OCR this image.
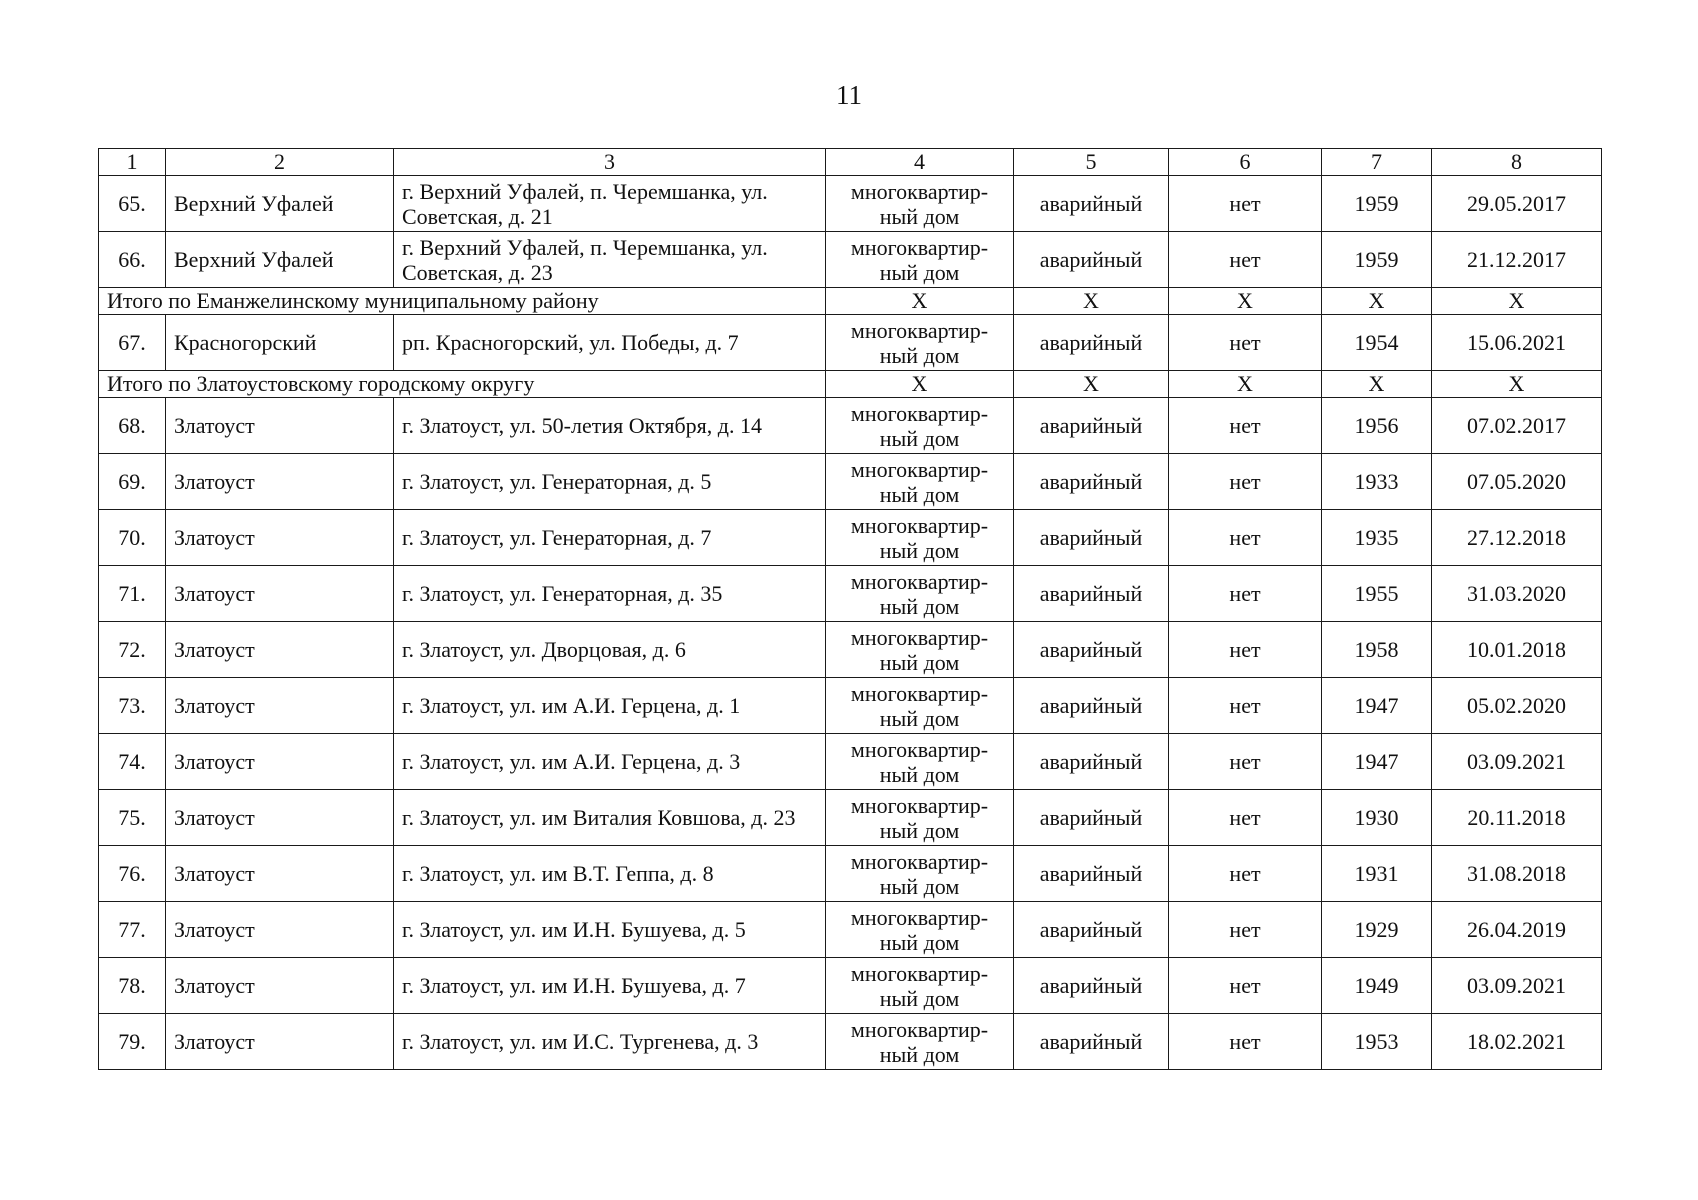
11
1	2	3	4	5	6	7	8
65.	Верхний Уфалей	г. Верхний Уфалей, п. Черемшанка, ул. Советская, д. 21	многоквартир-
ный дом	аварийный	нет	1959	29.05.2017
66.	Верхний Уфалей	г. Верхний Уфалей, п. Черемшанка, ул. Советская, д. 23	многоквартир-
ный дом	аварийный	нет	1959	21.12.2017
Итого по Еманжелинскому муниципальному району			X	X	X	X	X
67.	Красногорский	рп. Красногорский, ул. Победы, д. 7	многоквартир-
ный дом	аварийный	нет	1954	15.06.2021
Итого по Златоустовскому городскому округу			X	X	X	X	X
68.	Златоуст	г. Златоуст, ул. 50-летия Октября, д. 14	многоквартир-
ный дом	аварийный	нет	1956	07.02.2017
69.	Златоуст	г. Златоуст, ул. Генераторная, д. 5	многоквартир-
ный дом	аварийный	нет	1933	07.05.2020
70.	Златоуст	г. Златоуст, ул. Генераторная, д. 7	многоквартир-
ный дом	аварийный	нет	1935	27.12.2018
71.	Златоуст	г. Златоуст, ул. Генераторная, д. 35	многоквартир-
ный дом	аварийный	нет	1955	31.03.2020
72.	Златоуст	г. Златоуст, ул. Дворцовая, д. 6	многоквартир-
ный дом	аварийный	нет	1958	10.01.2018
73.	Златоуст	г. Златоуст, ул. им А.И. Герцена, д. 1	многоквартир-
ный дом	аварийный	нет	1947	05.02.2020
74.	Златоуст	г. Златоуст, ул. им А.И. Герцена, д. 3	многоквартир-
ный дом	аварийный	нет	1947	03.09.2021
75.	Златоуст	г. Златоуст, ул. им Виталия Ковшова, д. 23	многоквартир-
ный дом	аварийный	нет	1930	20.11.2018
76.	Златоуст	г. Златоуст, ул. им В.Т. Геппа, д. 8	многоквартир-
ный дом	аварийный	нет	1931	31.08.2018
77.	Златоуст	г. Златоуст, ул. им И.Н. Бушуева, д. 5	многоквартир-
ный дом	аварийный	нет	1929	26.04.2019
78.	Златоуст	г. Златоуст, ул. им И.Н. Бушуева, д. 7	многоквартир-
ный дом	аварийный	нет	1949	03.09.2021
79.	Златоуст	г. Златоуст, ул. им И.С. Тургенева, д. 3	многоквартир-
ный дом	аварийный	нет	1953	18.02.2021
